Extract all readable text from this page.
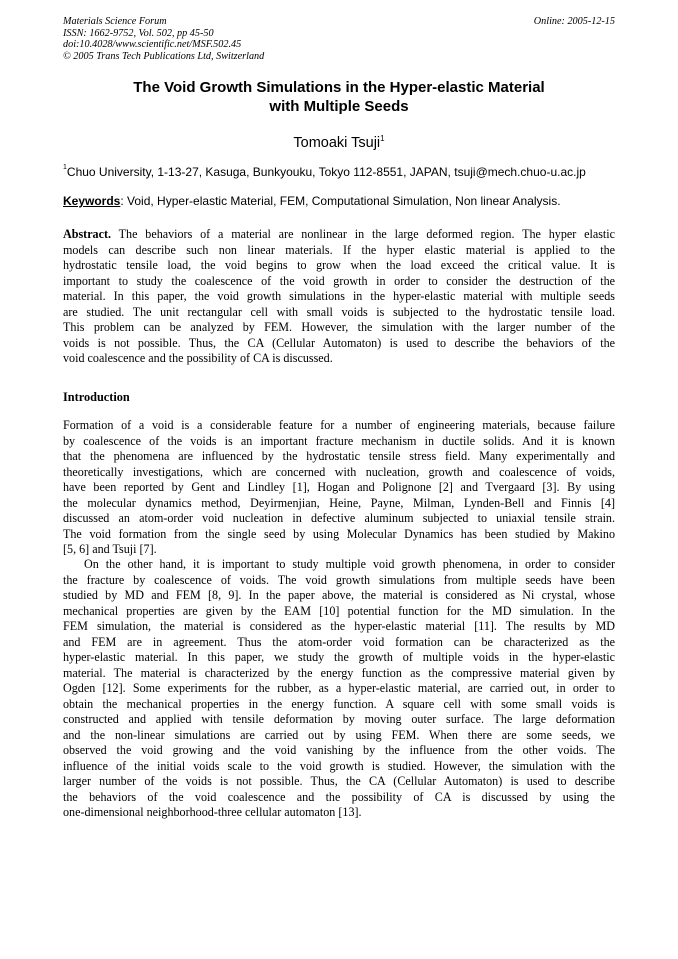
Materials Science Forum
ISSN: 1662-9752, Vol. 502, pp 45-50
doi:10.4028/www.scientific.net/MSF.502.45
© 2005 Trans Tech Publications Ltd, Switzerland
Online: 2005-12-15
The Void Growth Simulations in the Hyper-elastic Material
with Multiple Seeds
Tomoaki Tsuji$^1$
$^1$Chuo University, 1-13-27, Kasuga, Bunkyouku, Tokyo 112-8551, JAPAN, tsuji@mech.chuo-u.ac.jp
Keywords: Void, Hyper-elastic Material, FEM, Computational Simulation, Non linear Analysis.
Abstract. The behaviors of a material are nonlinear in the large deformed region. The hyper elastic
models can describe such non linear materials. If the hyper elastic material is applied to the
hydrostatic tensile load, the void begins to grow when the load exceed the critical value. It is
important to study the coalescence of the void growth in order to consider the destruction of the
material. In this paper, the void growth simulations in the hyper-elastic material with multiple seeds
are studied. The unit rectangular cell with small voids is subjected to the hydrostatic tensile load.
This problem can be analyzed by FEM. However, the simulation with the larger number of the
voids is not possible. Thus, the CA (Cellular Automaton) is used to describe the behaviors of the
void coalescence and the possibility of CA is discussed.
Introduction
Formation of a void is a considerable feature for a number of engineering materials, because failure
by coalescence of the voids is an important fracture mechanism in ductile solids. And it is known
that the phenomena are influenced by the hydrostatic tensile stress field. Many experimentally and
theoretically investigations, which are concerned with nucleation, growth and coalescence of voids,
have been reported by Gent and Lindley [1], Hogan and Polignone [2] and Tvergaard [3]. By using
the molecular dynamics method, Deyirmenjian, Heine, Payne, Milman, Lynden-Bell and Finnis [4]
discussed an atom-order void nucleation in defective aluminum subjected to uniaxial tensile strain.
The void formation from the single seed by using Molecular Dynamics has been studied by Makino
[5, 6] and Tsuji [7].
On the other hand, it is important to study multiple void growth phenomena, in order to consider
the fracture by coalescence of voids. The void growth simulations from multiple seeds have been
studied by MD and FEM [8, 9]. In the paper above, the material is considered as Ni crystal, whose
mechanical properties are given by the EAM [10] potential function for the MD simulation. In the
FEM simulation, the material is considered as the hyper-elastic material [11]. The results by MD
and FEM are in agreement. Thus the atom-order void formation can be characterized as the
hyper-elastic material. In this paper, we study the growth of multiple voids in the hyper-elastic
material. The material is characterized by the energy function as the compressive material given by
Ogden [12]. Some experiments for the rubber, as a hyper-elastic material, are carried out, in order to
obtain the mechanical properties in the energy function. A square cell with some small voids is
constructed and applied with tensile deformation by moving outer surface. The large deformation
and the non-linear simulations are carried out by using FEM. When there are some seeds, we
observed the void growing and the void vanishing by the influence from the other voids. The
influence of the initial voids scale to the void growth is studied. However, the simulation with the
larger number of the voids is not possible. Thus, the CA (Cellular Automaton) is used to describe
the behaviors of the void coalescence and the possibility of CA is discussed by using the
one-dimensional neighborhood-three cellular automaton [13].
